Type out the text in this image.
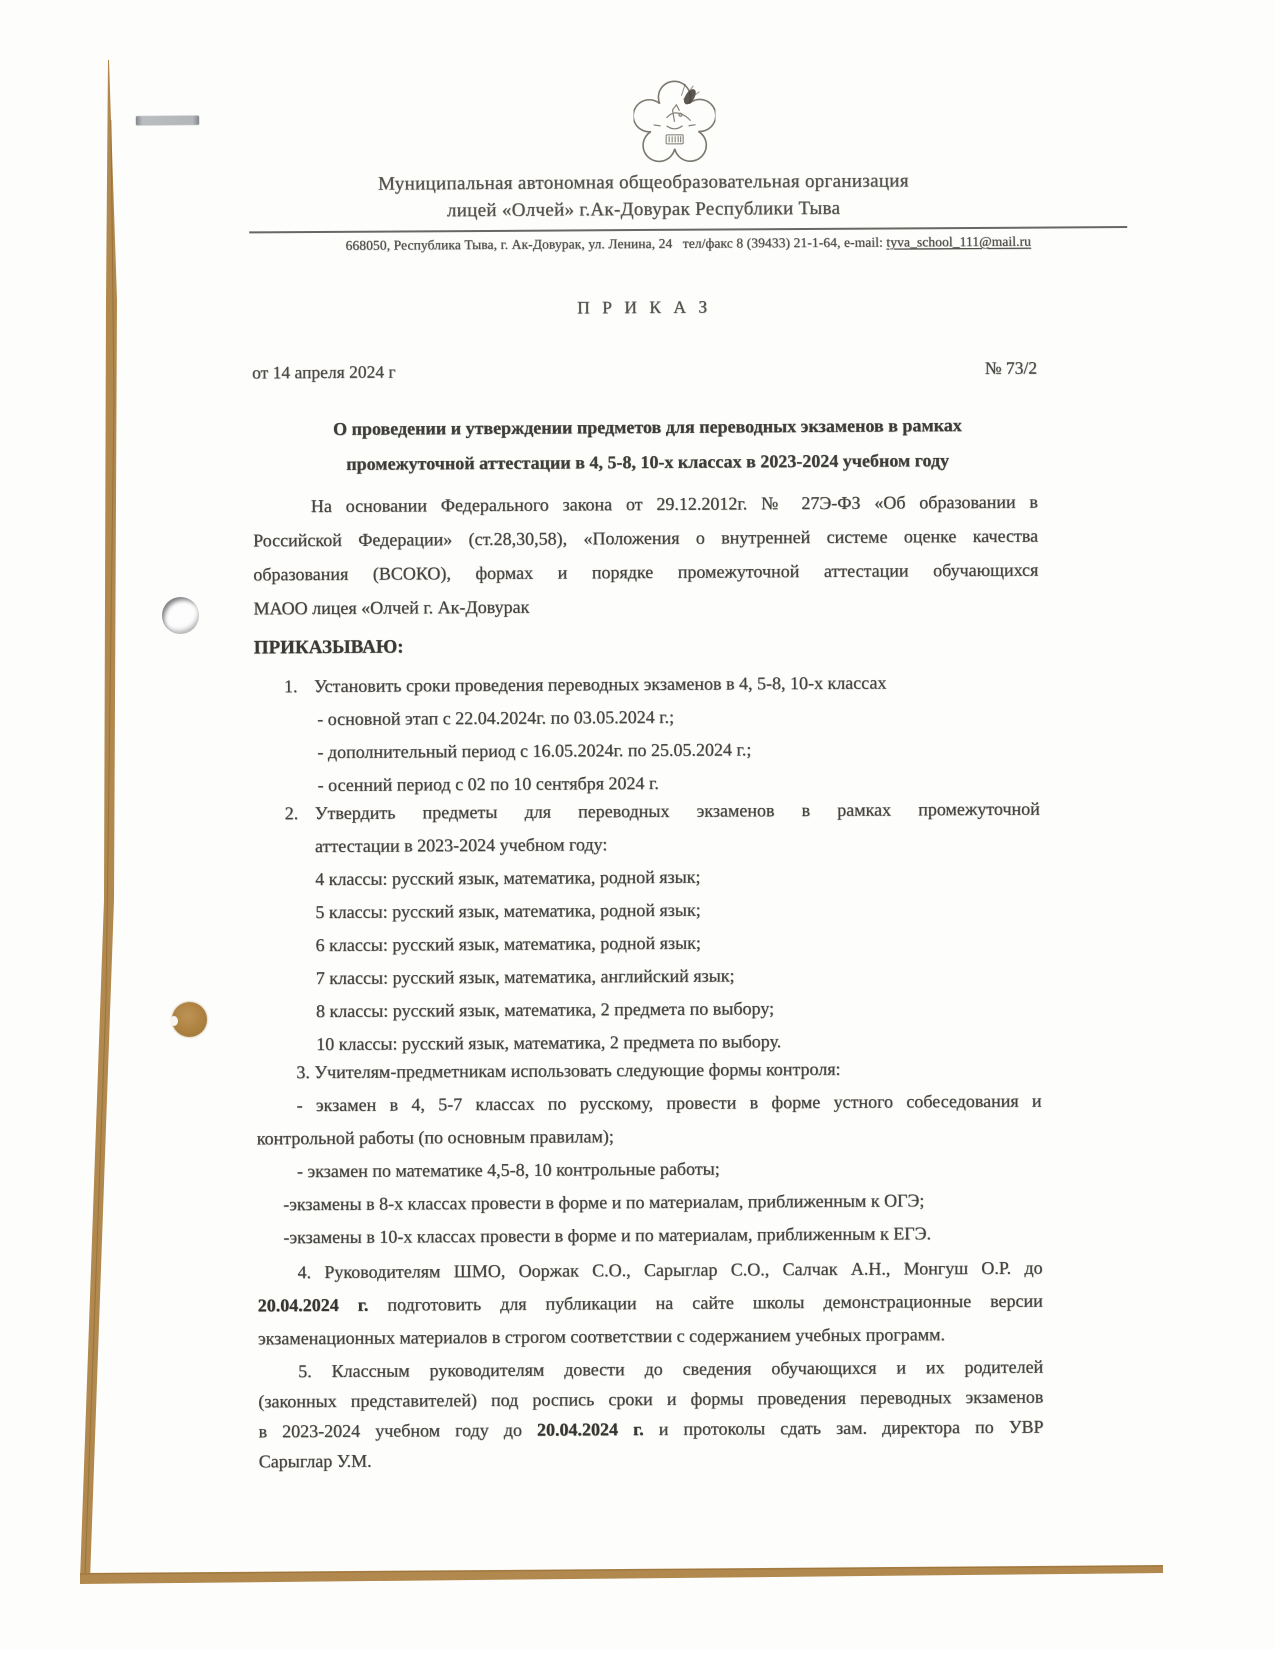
Муниципальная автономная общеобразовательная организация
лицей «Олчей» г.Ак-Довурак Республики Тыва
668050, Республика Тыва, г. Ак-Довурак, ул. Ленина, 24   тел/факс 8 (39433) 21-1-64, e-mail: tyva_school_111@mail.ru
П Р И К А З
от 14 апреля 2024 г	№ 73/2
О проведении и утверждении предметов для переводных экзаменов в рамках
промежуточной аттестации в 4, 5-8, 10-х классах в 2023-2024 учебном году
На основании Федерального закона от 29.12.2012г. № 27Э-ФЗ «Об образовании в
Российской Федерации» (ст.28,30,58), «Положения о внутренней системе оценке качества
образования (ВСОКО), формах и порядке промежуточной аттестации обучающихся
МАОО лицея «Олчей г. Ак-Довурак
ПРИКАЗЫВАЮ:
1. Установить сроки проведения переводных экзаменов в 4, 5-8, 10-х классах
- основной этап с 22.04.2024г. по 03.05.2024 г.;
- дополнительный период с 16.05.2024г. по 25.05.2024 г.;
- осенний период с 02 по 10 сентября 2024 г.
2. Утвердить предметы для переводных экзаменов в рамках промежуточной
аттестации в 2023-2024 учебном году:
4 классы: русский язык, математика, родной язык;
5 классы: русский язык, математика, родной язык;
6 классы: русский язык, математика, родной язык;
7 классы: русский язык, математика, английский язык;
8 классы: русский язык, математика, 2 предмета по выбору;
10 классы: русский язык, математика, 2 предмета по выбору.
3. Учителям-предметникам использовать следующие формы контроля:
- экзамен в 4, 5-7 классах по русскому, провести в форме устного собеседования и
контрольной работы (по основным правилам);
- экзамен по математике 4,5-8, 10 контрольные работы;
-экзамены в 8-х классах провести в форме и по материалам, приближенным к ОГЭ;
-экзамены в 10-х классах провести в форме и по материалам, приближенным к ЕГЭ.
4. Руководителям ШМО, Ооржак С.О., Сарыглар С.О., Салчак А.Н., Монгуш О.Р. до
20.04.2024 г. подготовить для публикации на сайте школы демонстрационные версии
экзаменационных материалов в строгом соответствии с содержанием учебных программ.
5. Классным руководителям довести до сведения обучающихся и их родителей
(законных представителей) под роспись сроки и формы проведения переводных экзаменов
в 2023-2024 учебном году до 20.04.2024 г. и протоколы сдать зам. директора по УВР
Сарыглар У.М.
